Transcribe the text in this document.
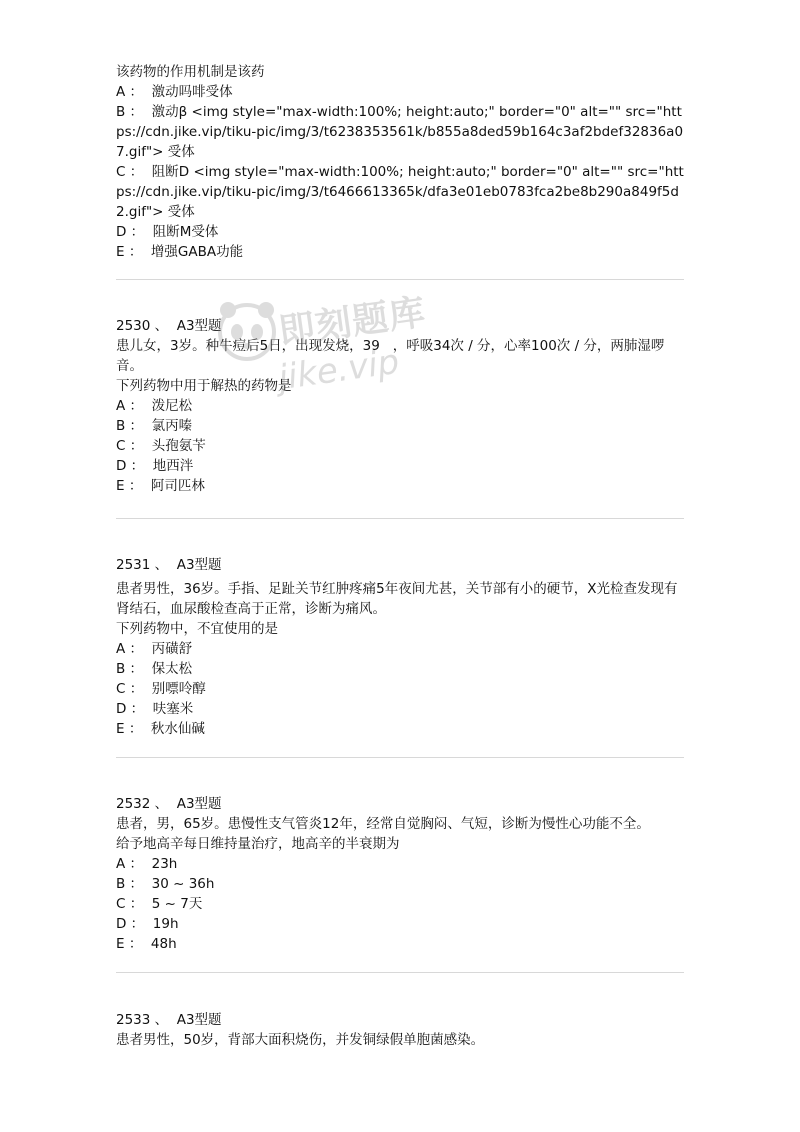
该药物的作用机制是该药
A ：  激动吗啡受体
B ：  激动β <img style="max-width:100%; height:auto;" border="0" alt="" src="https://cdn.jike.vip/tiku-pic/img/3/t6238353561k/b855a8ded59b164c3af2bdef32836a07.gif"> 受体
C ：  阻断D <img style="max-width:100%; height:auto;" border="0" alt="" src="https://cdn.jike.vip/tiku-pic/img/3/t6466613365k/dfa3e01eb0783fca2be8b290a849f5d2.gif"> 受体
D ：  阻断M受体
E ：  增强GABA功能
2530 、  A3型题
患儿女，3岁。种牛痘后5日，出现发烧，39   ，呼吸34次 / 分，心率100次 / 分，两肺湿啰音。
下列药物中用于解热的药物是
A ：  泼尼松
B ：  氯丙嗪
C ：  头孢氨苄
D ：  地西泮
E ：  阿司匹林
2531 、  A3型题
患者男性，36岁。手指、足趾关节红肿疼痛5年夜间尤甚，关节部有小的硬节，X光检查发现有肾结石，血尿酸检查高于正常，诊断为痛风。
下列药物中，不宜使用的是
A ：  丙磺舒
B ：  保太松
C ：  别嘌呤醇
D ：  呋塞米
E ：  秋水仙碱
2532 、  A3型题
患者，男，65岁。患慢性支气管炎12年，经常自觉胸闷、气短，诊断为慢性心功能不全。
给予地高辛每日维持量治疗，地高辛的半衰期为
A ：  23h
B ：  30 ~ 36h
C ：  5 ~ 7天
D ：  19h
E ：  48h
2533 、  A3型题
患者男性，50岁，背部大面积烧伤，并发铜绿假单胞菌感染。
即刻题库
jike.vip
